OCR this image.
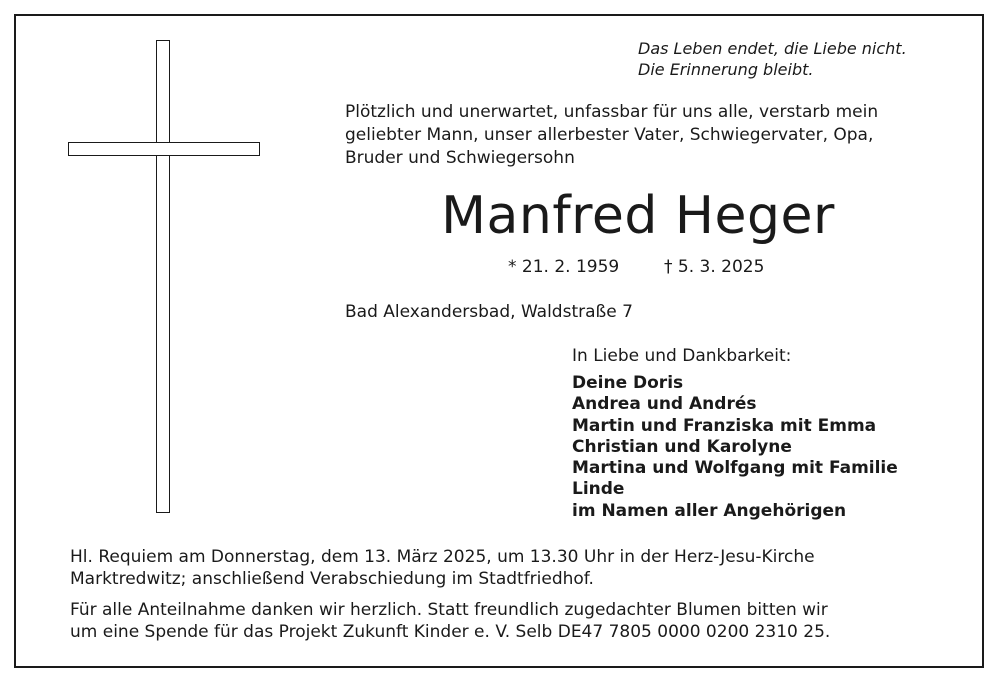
Das Leben endet, die Liebe nicht.
Die Erinnerung bleibt.
Plötzlich und unerwartet, unfassbar für uns alle, verstarb mein
geliebter Mann, unser allerbester Vater, Schwiegervater, Opa,
Bruder und Schwiegersohn
Manfred Heger
* 21. 2. 1959	† 5. 3. 2025
Bad Alexandersbad, Waldstraße 7
In Liebe und Dankbarkeit:
Deine Doris
Andrea und Andrés
Martin und Franziska mit Emma
Christian und Karolyne
Martina und Wolfgang mit Familie
Linde
im Namen aller Angehörigen
Hl. Requiem am Donnerstag, dem 13. März 2025, um 13.30 Uhr in der Herz-Jesu-Kirche
Marktredwitz; anschließend Verabschiedung im Stadtfriedhof.
Für alle Anteilnahme danken wir herzlich. Statt freundlich zugedachter Blumen bitten wir
um eine Spende für das Projekt Zukunft Kinder e. V. Selb DE47 7805 0000 0200 2310 25.
